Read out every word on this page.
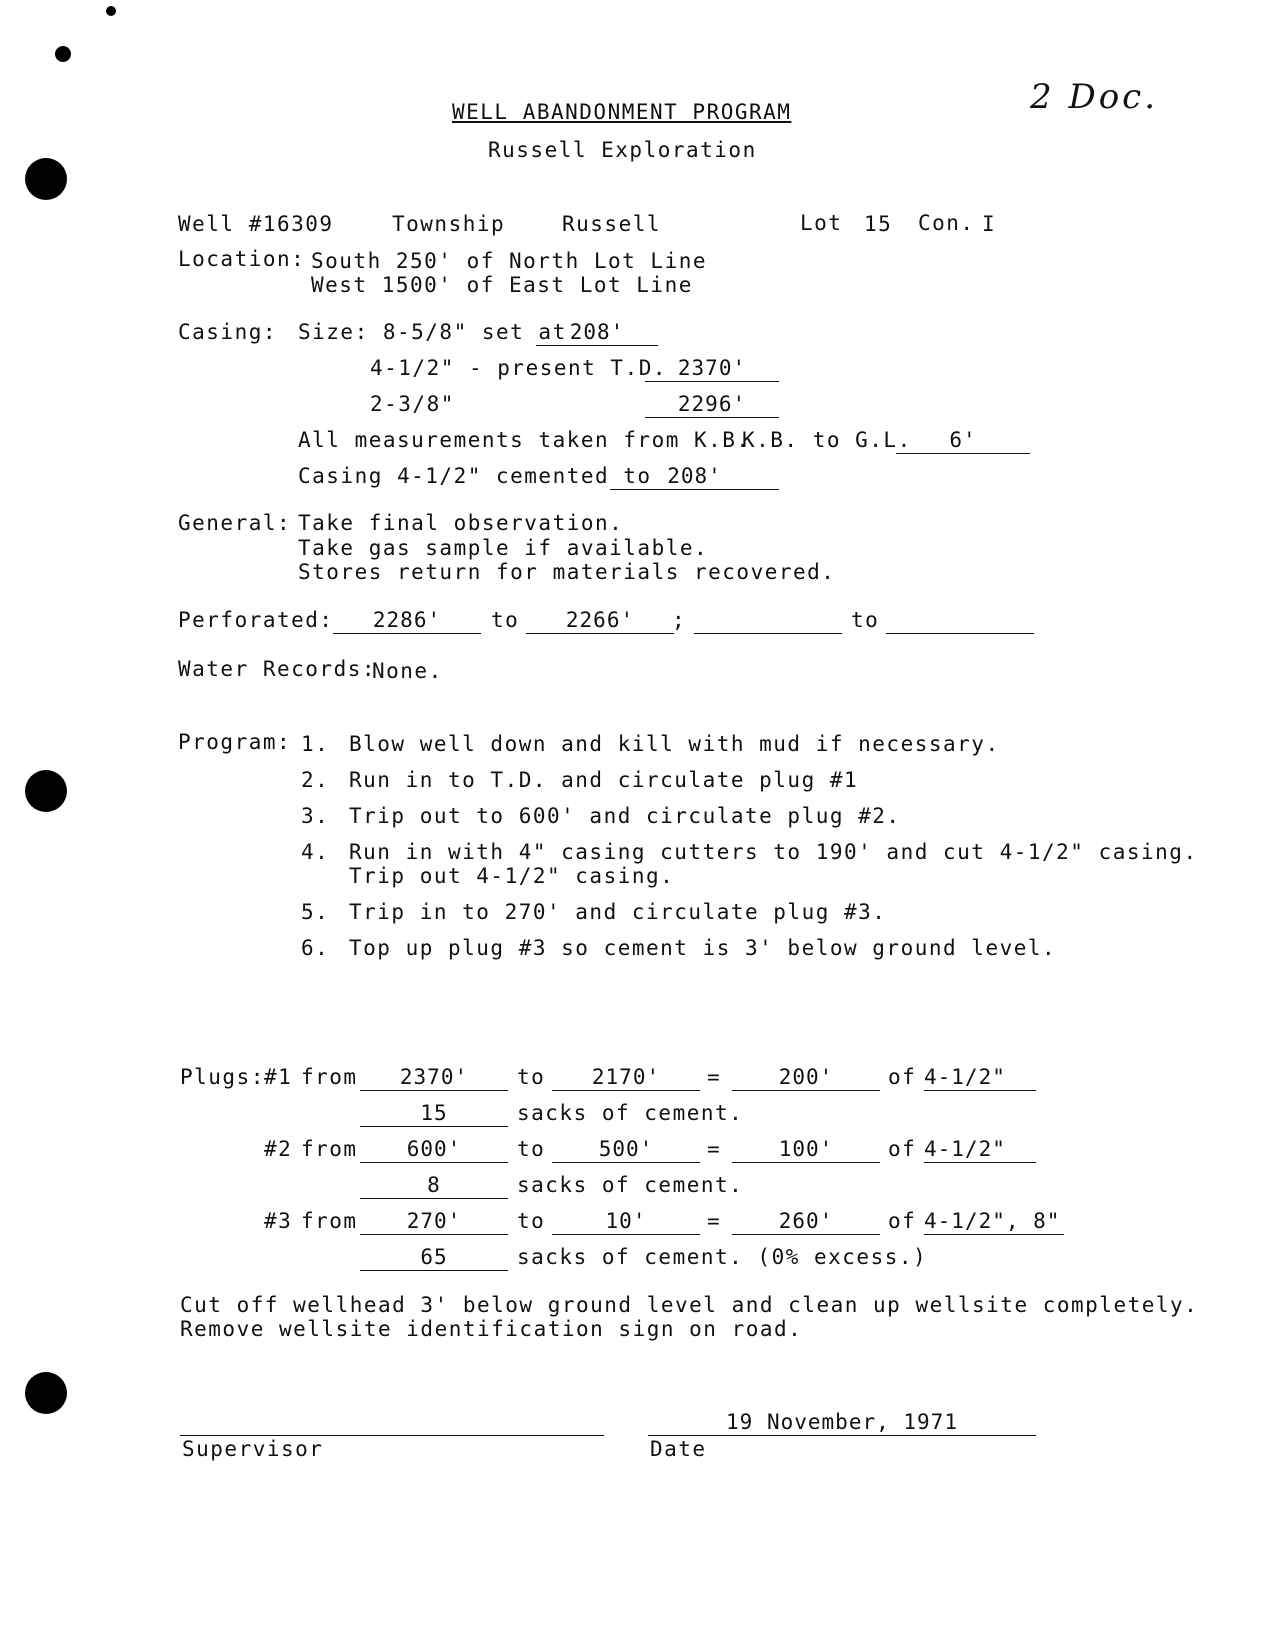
2 Doc.
WELL ABANDONMENT PROGRAM
Russell Exploration
Well #16309	Township	Russell	Lot 15 Con. I
Location: South 250' of North Lot Line
West 1500' of East Lot Line
Casing: Size: 8-5/8" set at 208'
4-1/2" - present T.D. 2370'
2-3/8"	2296'
All measurements taken from K.B.
K.B. to G.L.	6'
Casing 4-1/2" cemented to 208'
General: Take final observation.
Take gas sample if available.
Stores return for materials recovered.
Perforated:	2286'	to	2266'	;	to
Water Records:
None.
Program: 1. Blow well down and kill with mud if necessary.
2. Run in to T.D. and circulate plug #1
3. Trip out to 600' and circulate plug #2.
4. Run in with 4" casing cutters to 190' and cut 4-1/2" casing.
Trip out 4-1/2" casing.
5. Trip in to 270' and circulate plug #3.
6. Top up plug #3 so cement is 3' below ground level.
Plugs: #1 from	2370'	to	2170'	=	200'	of 4-1/2"
15	sacks of cement.
#2 from	600'	to	500'	=	100'	of 4-1/2"
8	sacks of cement.
#3 from	270'	to	10'	=	260'	of 4-1/2", 8"
65	sacks of cement. (0% excess.)
Cut off wellhead 3' below ground level and clean up wellsite completely.
Remove wellsite identification sign on road.
Supervisor
19 November, 1971
Date
